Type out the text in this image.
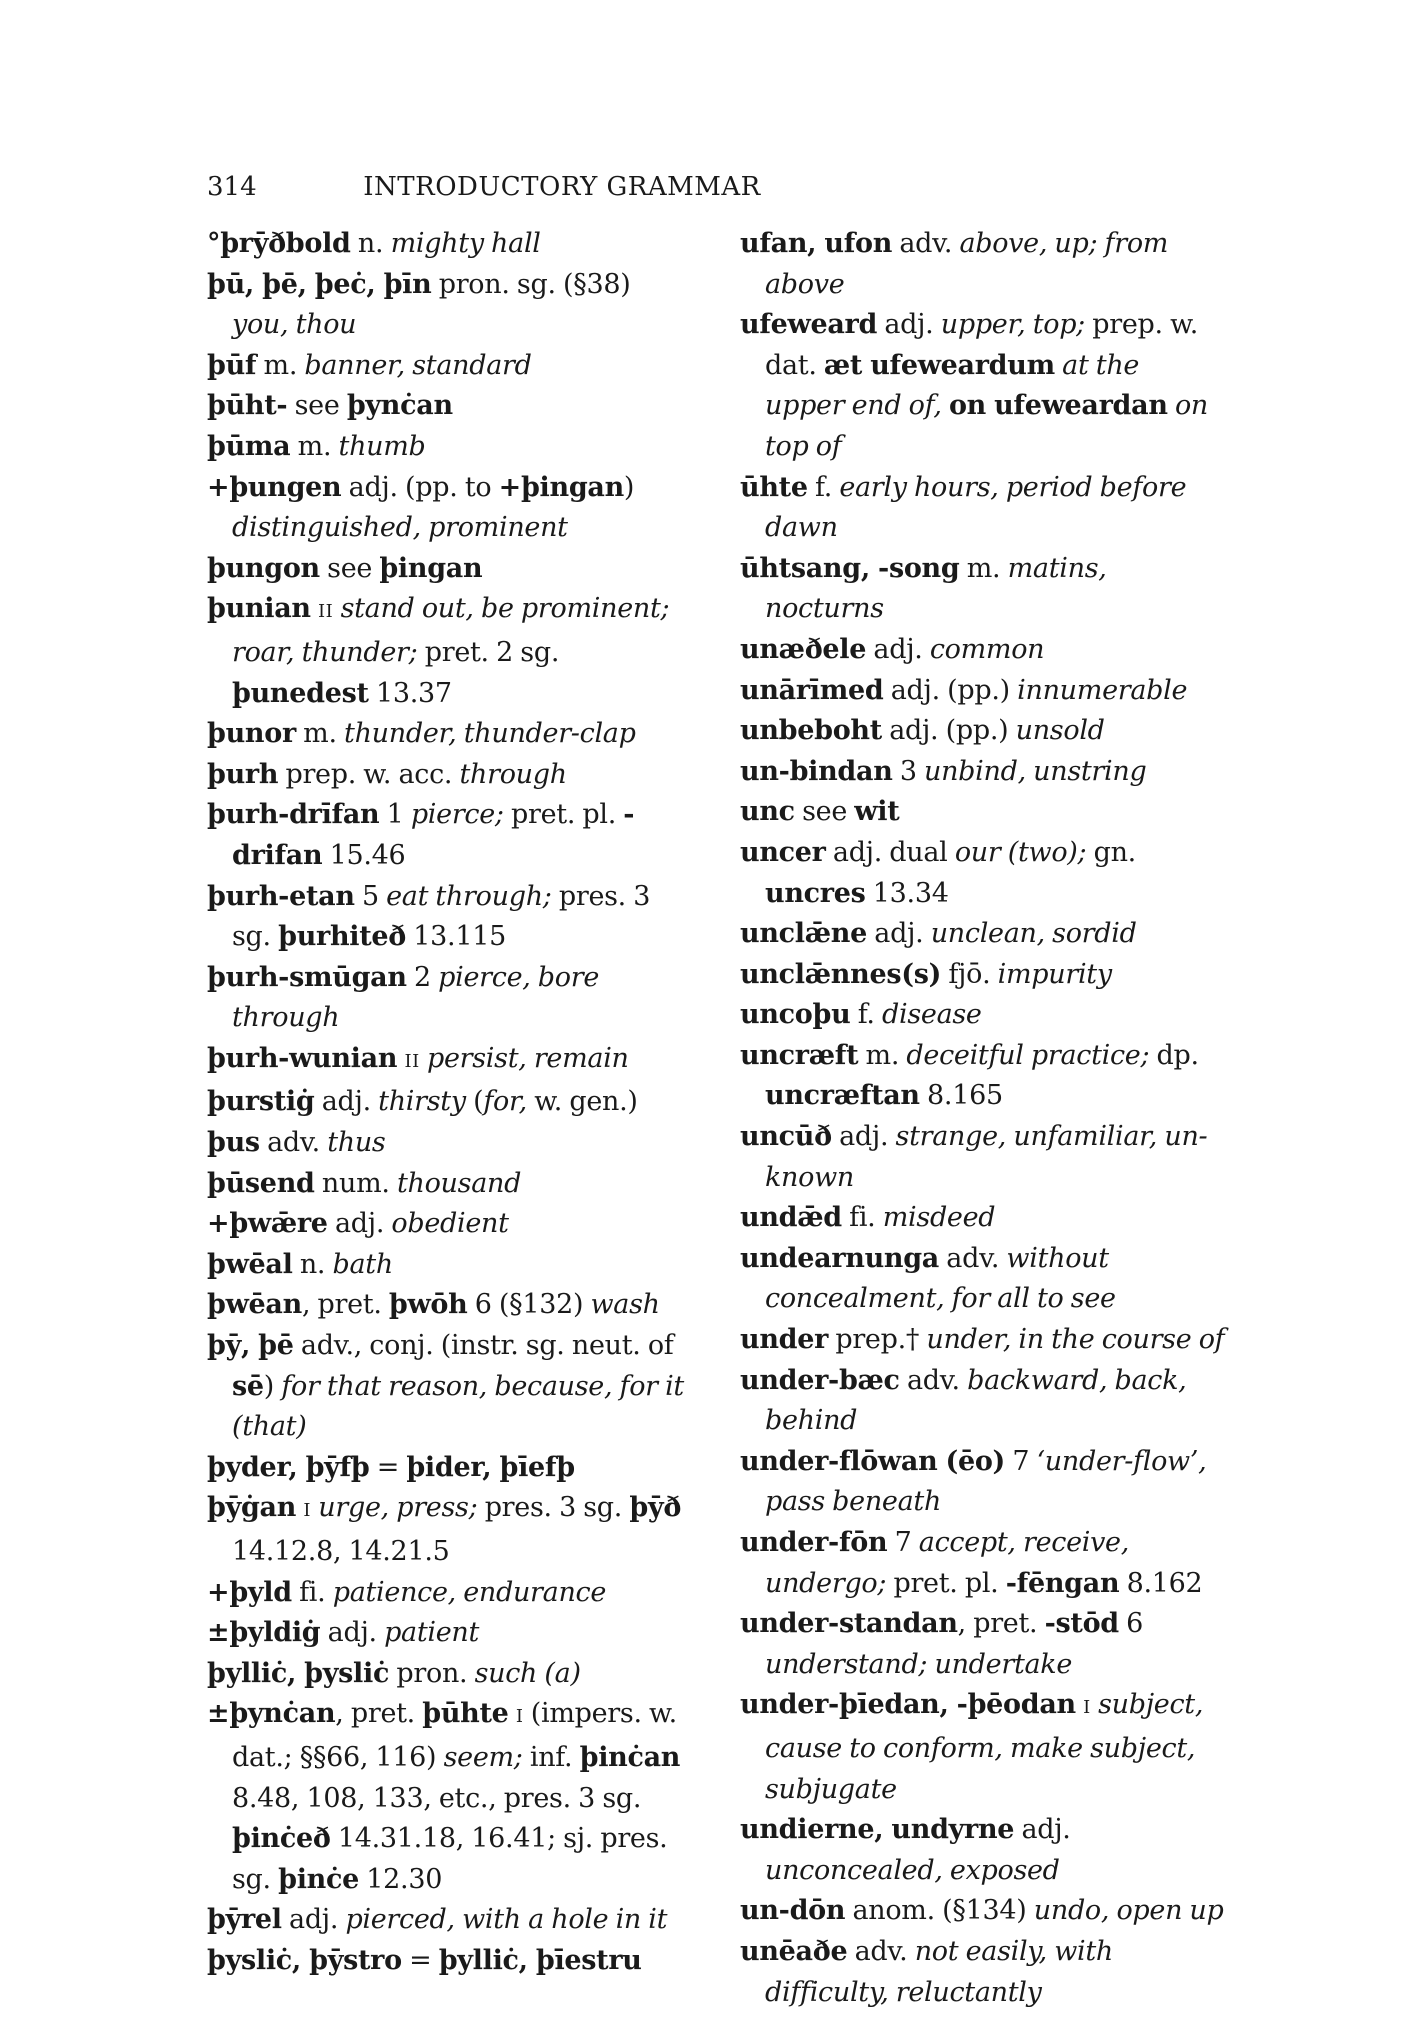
314	INTRODUCTORY GRAMMAR
°þrȳðbold n. mighty hall
þū, þē, þeċ, þīn pron. sg. (§38) you, thou
þūf m. banner, standard
þūht- see þynċan
þūma m. thumb
+þungen adj. (pp. to +þingan) distinguished, prominent
þungon see þingan
þunian II stand out, be prominent; roar, thunder; pret. 2 sg. þunedest 13.37
þunor m. thunder, thunder-clap
þurh prep. w. acc. through
þurh-drīfan 1 pierce; pret. pl. -drifan 15.46
þurh-etan 5 eat through; pres. 3 sg. þurhiteð 13.115
þurh-smūgan 2 pierce, bore through
þurh-wunian II persist, remain
þurstiġ adj. thirsty (for, w. gen.)
þus adv. thus
þūsend num. thousand
+þwǣre adj. obedient
þwēal n. bath
þwēan, pret. þwōh 6 (§132) wash
þȳ, þē adv., conj. (instr. sg. neut. of sē) for that reason, because, for it (that)
þyder, þȳfþ = þider, þīefþ
þȳġan I urge, press; pres. 3 sg. þȳð 14.12.8, 14.21.5
+þyld fi. patience, endurance
±þyldiġ adj. patient
þylliċ, þysliċ pron. such (a)
±þynċan, pret. þūhte I (impers. w. dat.; §§66, 116) seem; inf. þinċan 8.48, 108, 133, etc., pres. 3 sg. þinċeð 14.31.18, 16.41; sj. pres. sg. þinċe 12.30
þȳrel adj. pierced, with a hole in it
þysliċ, þȳstro = þylliċ, þīestru
ufan, ufon adv. above, up; from above
ufeweard adj. upper, top; prep. w. dat. æt ufeweardum at the upper end of, on ufeweardan on top of
ūhte f. early hours, period before dawn
ūhtsang, -song m. matins, nocturns
unæðele adj. common
unārīmed adj. (pp.) innumerable
unbeboht adj. (pp.) unsold
un-bindan 3 unbind, unstring
unc see wit
uncer adj. dual our (two); gn. uncres 13.34
unclǣne adj. unclean, sordid
unclǣnnes(s) fjō. impurity
uncoþu f. disease
uncræft m. deceitful practice; dp. uncræftan 8.165
uncūð adj. strange, unfamiliar, unknown
undǣd fi. misdeed
undearnunga adv. without concealment, for all to see
under prep.† under, in the course of
under-bæc adv. backward, back, behind
under-flōwan (ēo) 7 ‘under-flow’, pass beneath
under-fōn 7 accept, receive, undergo; pret. pl. -fēngan 8.162
under-standan, pret. -stōd 6 understand; undertake
under-þīedan, -þēodan I subject, cause to conform, make subject, subjugate
undierne, undyrne adj. unconcealed, exposed
un-dōn anom. (§134) undo, open up
unēaðe adv. not easily, with difficulty, reluctantly
